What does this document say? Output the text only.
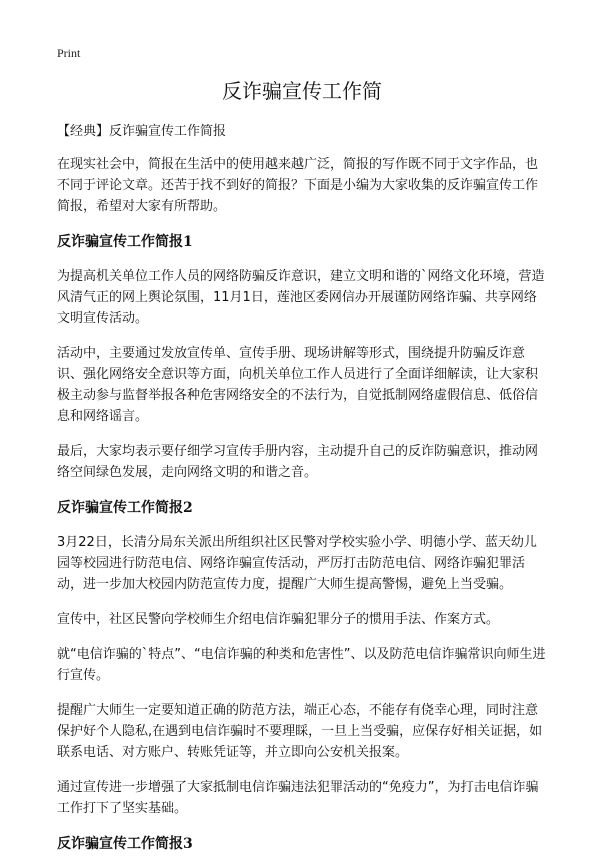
Print
反诈骗宣传工作简

【经典】反诈骗宣传工作简报

在现实社会中，简报在生活中的使用越来越广泛，简报的写作既不同于文字作品，也不同于评论文章。还苦于找不到好的简报？下面是小编为大家收集的反诈骗宣传工作简报，希望对大家有所帮助。

反诈骗宣传工作简报1

为提高机关单位工作人员的网络防骗反诈意识，建立文明和谐的`网络文化环境，营造风清气正的网上舆论氛围，11月1日，莲池区委网信办开展谨防网络诈骗、共享网络文明宣传活动。

活动中，主要通过发放宣传单、宣传手册、现场讲解等形式，围绕提升防骗反诈意识、强化网络安全意识等方面，向机关单位工作人员进行了全面详细解读，让大家积极主动参与监督举报各种危害网络安全的不法行为，自觉抵制网络虚假信息、低俗信息和网络谣言。

最后，大家均表示要仔细学习宣传手册内容，主动提升自己的反诈防骗意识，推动网络空间绿色发展，走向网络文明的和谐之音。

反诈骗宣传工作简报2

3月22日，长清分局东关派出所组织社区民警对学校实验小学、明德小学、蓝天幼儿园等校园进行防范电信、网络诈骗宣传活动，严厉打击防范电信、网络诈骗犯罪活动，进一步加大校园内防范宣传力度，提醒广大师生提高警惕，避免上当受骗。

宣传中，社区民警向学校师生介绍电信诈骗犯罪分子的惯用手法、作案方式。

就“电信诈骗的`特点”、“电信诈骗的种类和危害性”、以及防范电信诈骗常识向师生进行宣传。

提醒广大师生一定要知道正确的防范方法，端正心态，不能存有侥幸心理，同时注意保护好个人隐私,在遇到电信诈骗时不要理睬，一旦上当受骗，应保存好相关证据，如联系电话、对方账户、转账凭证等，并立即向公安机关报案。

通过宣传进一步增强了大家抵制电信诈骗违法犯罪活动的“免疫力”，为打击电信诈骗工作打下了坚实基础。

反诈骗宣传工作简报3
